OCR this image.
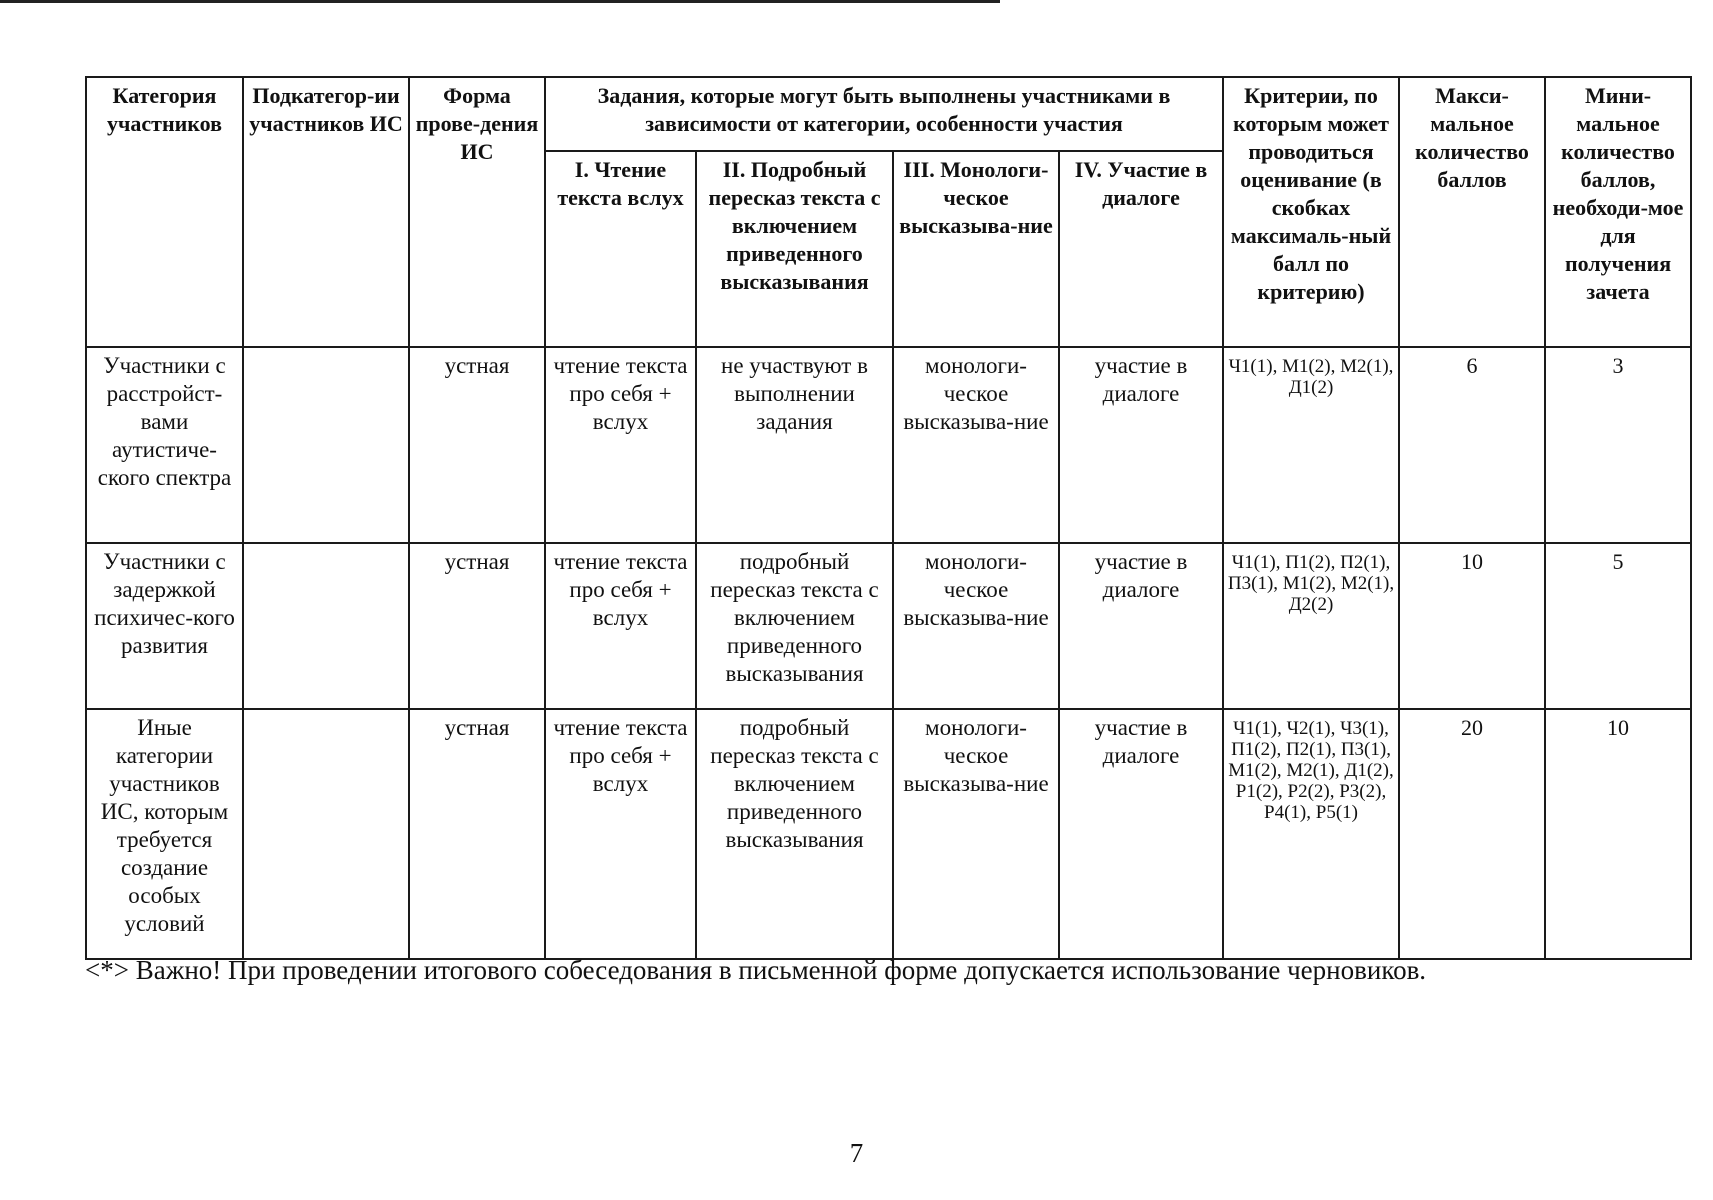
Категория участников	Подкатегор-ии участников ИС	Форма прове-дения ИС	Задания, которые могут быть выполнены участниками в зависимости от категории, особенности участия				Критерии, по которым может проводиться оценивание (в скобках максималь-ный балл по критерию)	Макси-мальное количество баллов	Мини-мальное количество баллов, необходи-мое для получения зачета
			I. Чтение текста вслух	II. Подробный пересказ текста с включением приведенного высказывания	III. Монологи-ческое высказыва-ние	IV. Участие в диалоге			
Участники с расстройст-вами аутистиче-ского спектра		устная	чтение текста про себя + вслух	не участвуют в выполнении задания	монологи-ческое высказыва-ние	участие в диалоге	Ч1(1), М1(2), М2(1), Д1(2)	6	3
Участники с задержкой психичес-кого развития		устная	чтение текста про себя + вслух	подробный пересказ текста с включением приведенного высказывания	монологи-ческое высказыва-ние	участие в диалоге	Ч1(1), П1(2), П2(1), П3(1), М1(2), М2(1), Д2(2)	10	5
Иные категории участников ИС, которым требуется создание особых условий		устная	чтение текста про себя + вслух	подробный пересказ текста с включением приведенного высказывания	монологи-ческое высказыва-ние	участие в диалоге	Ч1(1), Ч2(1), Ч3(1), П1(2), П2(1), П3(1), М1(2), М2(1), Д1(2), Р1(2), Р2(2), Р3(2), Р4(1), Р5(1)	20	10
<*> Важно! При проведении итогового собеседования в письменной форме допускается использование черновиков.
7
